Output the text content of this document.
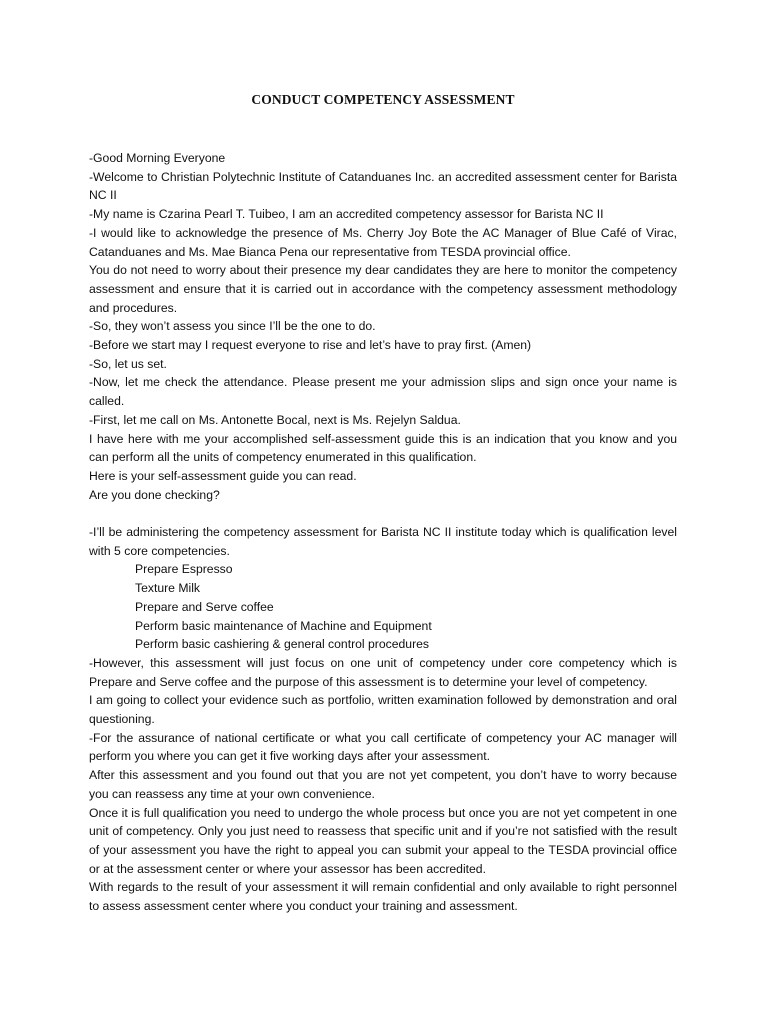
CONDUCT COMPETENCY ASSESSMENT

-Good Morning Everyone

-Welcome to Christian Polytechnic Institute of Catanduanes Inc. an accredited assessment center for Barista NC II

-My name is Czarina Pearl T. Tuibeo, I am an accredited competency assessor for Barista NC II

-I would like to acknowledge the presence of Ms. Cherry Joy Bote the AC Manager of Blue Café of Virac, Catanduanes and Ms. Mae Bianca Pena our representative from TESDA provincial office.

You do not need to worry about their presence my dear candidates they are here to monitor the competency assessment and ensure that it is carried out in accordance with the competency assessment methodology and procedures.

-So, they won’t assess you since I’ll be the one to do.

-Before we start may I request everyone to rise and let’s have to pray first. (Amen)

-So, let us set.

-Now, let me check the attendance. Please present me your admission slips and sign once your name is called.

-First, let me call on Ms. Antonette Bocal, next is Ms. Rejelyn Saldua.

I have here with me your accomplished self-assessment guide this is an indication that you know and you can perform all the units of competency enumerated in this qualification.

Here is your self-assessment guide you can read.

Are you done checking?

-I’ll be administering the competency assessment for Barista NC II institute today which is qualification level with 5 core competencies.

Prepare Espresso

Texture Milk

Prepare and Serve coffee

Perform basic maintenance of Machine and Equipment

Perform basic cashiering & general control procedures

-However, this assessment will just focus on one unit of competency under core competency which is Prepare and Serve coffee and the purpose of this assessment is to determine your level of competency.

I am going to collect your evidence such as portfolio, written examination followed by demonstration and oral questioning.

-For the assurance of national certificate or what you call certificate of competency your AC manager will perform you where you can get it five working days after your assessment.

After this assessment and you found out that you are not yet competent, you don’t have to worry because you can reassess any time at your own convenience.

Once it is full qualification you need to undergo the whole process but once you are not yet competent in one unit of competency. Only you just need to reassess that specific unit and if you’re not satisfied with the result of your assessment you have the right to appeal you can submit your appeal to the TESDA provincial office or at the assessment center or where your assessor has been accredited.

With regards to the result of your assessment it will remain confidential and only available to right personnel to assess assessment center where you conduct your training and assessment.
